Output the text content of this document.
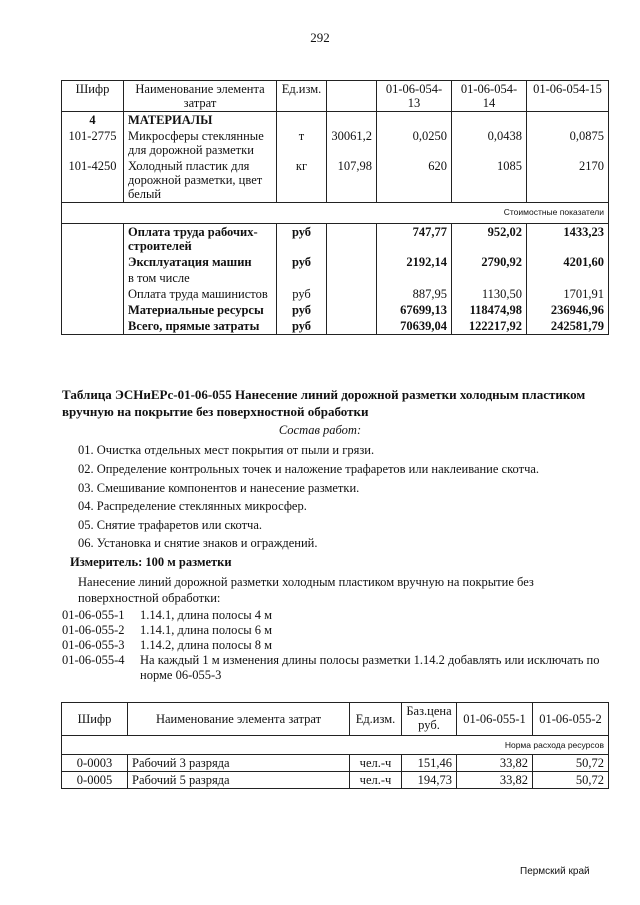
292
Шифр	Наименование элемента затрат	Ед.изм.		01-06-054-13	01-06-054-14	01-06-054-15
4	МАТЕРИАЛЫ					
101-2775	Микросферы стеклянные для дорожной разметки	т	30061,2	0,0250	0,0438	0,0875
101-4250	Холодный пластик для дорожной разметки, цвет белый	кг	107,98	620	1085	2170
Стоимостные показатели						
	Оплата труда рабочих-строителей	руб		747,77	952,02	1433,23
	Эксплуатация машин	руб		2192,14	2790,92	4201,60
	в том числе					
	Оплата труда машинистов	руб		887,95	1130,50	1701,91
	Материальные ресурсы	руб		67699,13	118474,98	236946,96
	Всего, прямые затраты	руб		70639,04	122217,92	242581,79
Таблица ЭСНиЕРс-01-06-055 Нанесение линий дорожной разметки холодным пластиком вручную на покрытие без поверхностной обработки
Состав работ:
01. Очистка отдельных мест покрытия от пыли и грязи.
02. Определение контрольных точек и наложение трафаретов или наклеивание скотча.
03. Смешивание компонентов и нанесение разметки.
04. Распределение стеклянных микросфер.
05. Снятие трафаретов или скотча.
06. Установка и снятие знаков и ограждений.
Измеритель: 100 м разметки
Нанесение линий дорожной разметки холодным пластиком вручную на покрытие без поверхностной обработки:
01-06-055-1	1.14.1, длина полосы 4 м
01-06-055-2	1.14.1, длина полосы 6 м
01-06-055-3	1.14.2, длина полосы 8 м
01-06-055-4	На каждый 1 м изменения длины полосы разметки 1.14.2 добавлять или исключать по норме 06-055-3
Шифр	Наименование элемента затрат	Ед.изм.	Баз.цена руб.	01-06-055-1	01-06-055-2
Норма расхода ресурсов					
0-0003	Рабочий 3 разряда	чел.-ч	151,46	33,82	50,72
0-0005	Рабочий 5 разряда	чел.-ч	194,73	33,82	50,72
Пермский край
